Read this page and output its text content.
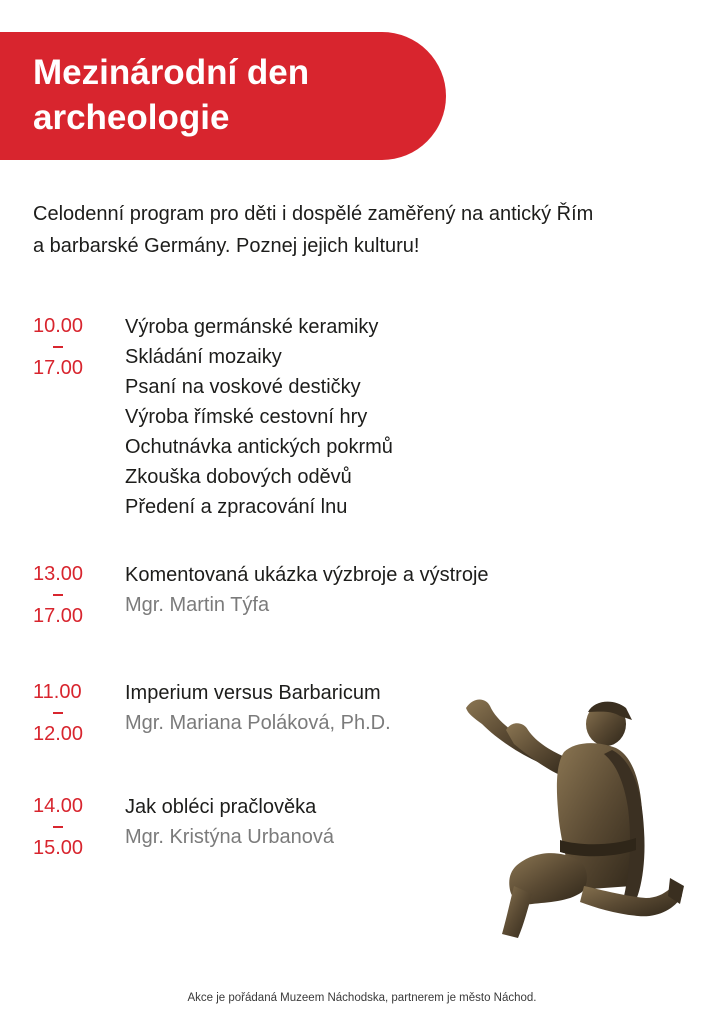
Mezinárodní den
archeologie

Celodenní program pro děti i dospělé zaměřený na antický Řím
a barbarské Germány. Poznej jejich kulturu!

10.00
17.00
Výroba germánské keramiky
Skládání mozaiky
Psaní na voskové destičky
Výroba římské cestovní hry
Ochutnávka antických pokrmů
Zkouška dobových oděvů
Předení a zpracování lnu
13.00
17.00
Komentovaná ukázka výzbroje a výstroje
Mgr. Martin Týfa
11.00
12.00
Imperium versus Barbaricum
Mgr. Mariana Poláková, Ph.D.
14.00
15.00
Jak obléci pračlověka
Mgr. Kristýna Urbanová
Akce je pořádaná Muzeem Náchodska, partnerem je město Náchod.
